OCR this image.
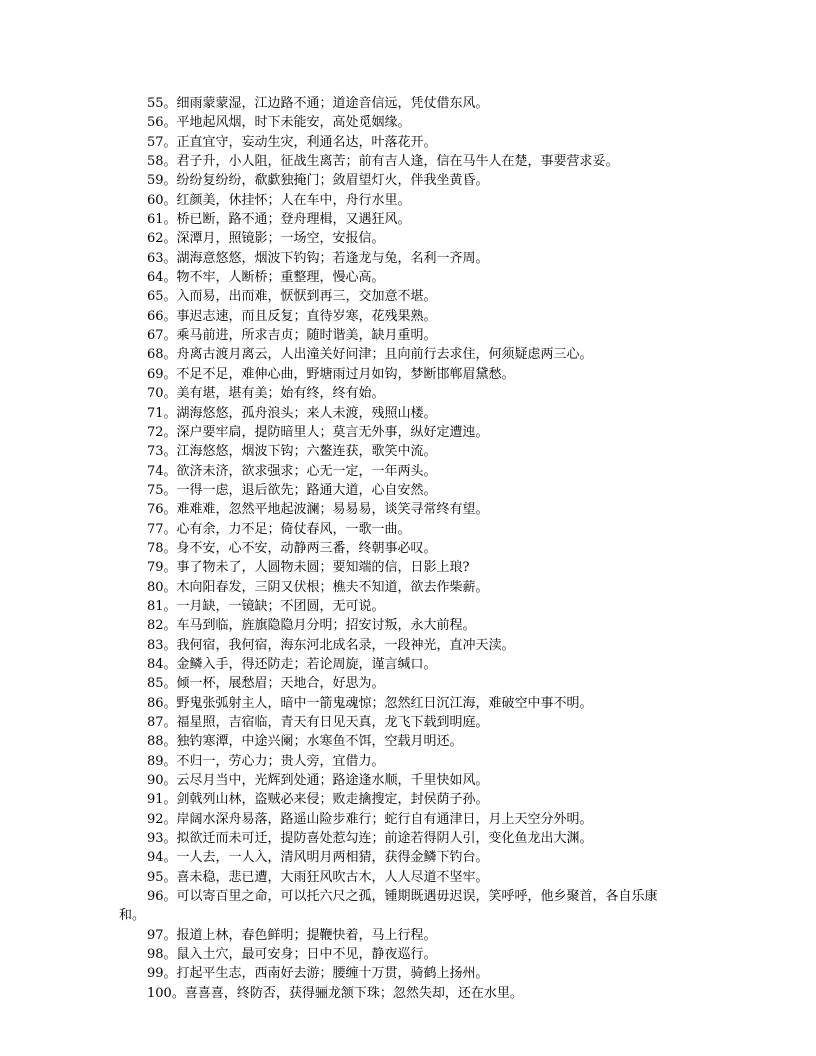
55。细雨蒙蒙湿，江边路不通；道途音信远，凭仗借东风。
56。平地起风烟，时下未能安，高处觅姻缘。
57。正直宜守，妄动生灾，利通名达，叶落花开。
58。君子升，小人阻，征战生离苦；前有吉人逢，信在马牛人在楚，事要营求妥。
59。纷纷复纷纷，欷歔独掩门；敛眉望灯火，伴我坐黄昏。
60。红颜美，休挂怀；人在车中，舟行水里。
61。桥已断，路不通；登舟理楫，又遇狂风。
62。深潭月，照镜影；一场空，安报信。
63。湖海意悠悠，烟波下钓钩；若逢龙与兔，名利一齐周。
64。物不牢，人断桥；重整理，慢心高。
65。入而易，出而难，恹恹到再三，交加意不堪。
66。事迟志速，而且反复；直待岁寒，花残果熟。
67。乘马前进，所求吉贞；随时谐美，缺月重明。
68。舟离古渡月离云，人出潼关好问津；且向前行去求住，何须疑虑两三心。
69。不足不足，难伸心曲，野塘雨过月如钩，梦断邯郸眉黛愁。
70。美有堪，堪有美；始有终，终有始。
71。湖海悠悠，孤舟浪头；来人未渡，残照山楼。
72。深户要牢扃，提防暗里人；莫言无外事，纵好定遭迍。
73。江海悠悠，烟波下钩；六鳌连获，歌笑中流。
74。欲济未济，欲求强求；心无一定，一年两头。
75。一得一虑，退后欲先；路通大道，心自安然。
76。难难难，忽然平地起波澜；易易易，谈笑寻常终有望。
77。心有余，力不足；倚仗春风，一歌一曲。
78。身不安，心不安，动静两三番，终朝事必叹。
79。事了物未了，人圆物未圆；要知端的信，日影上琅?
80。木向阳春发，三阴又伏根；樵夫不知道，欲去作柴薪。
81。一月缺，一镜缺；不团圆，无可说。
82。车马到临，旌旗隐隐月分明；招安讨叛，永大前程。
83。我何宿，我何宿，海东河北成名录，一段神光，直冲天渎。
84。金鳞入手，得还防走；若论周旋，谨言缄口。
85。倾一杯，展愁眉；天地合，好思为。
86。野鬼张弧射主人，暗中一箭鬼魂惊；忽然红日沉江海，难破空中事不明。
87。福星照，吉宿临，青天有日见天真，龙飞下载到明庭。
88。独钓寒潭，中途兴阑；水寒鱼不饵，空载月明还。
89。不归一，劳心力；贵人旁，宜借力。
90。云尽月当中，光辉到处通；路途逢水顺，千里快如风。
91。剑戟列山林，盗贼必来侵；败走擒搜定，封侯荫子孙。
92。岸阔水深舟易落，路遥山险步难行；蛇行自有通津日，月上天空分外明。
93。拟欲迁而未可迁，提防喜处惹勾连；前途若得阴人引，变化鱼龙出大渊。
94。一人去，一人入，清风明月两相猜，获得金鳞下钓台。
95。喜未稳，悲已遭，大雨狂风吹古木，人人尽道不坚牢。
96。可以寄百里之命，可以托六尺之孤，锺期既遇毋迟误，笑呼呼，他乡聚首，各自乐康
和。
97。报道上林，春色鲜明；提鞭快着，马上行程。
98。鼠入土穴，最可安身；日中不见，静夜巡行。
99。打起平生志，西南好去游；腰缠十万贯，骑鹤上扬州。
100。喜喜喜，终防否，获得骊龙颔下珠；忽然失却，还在水里。
